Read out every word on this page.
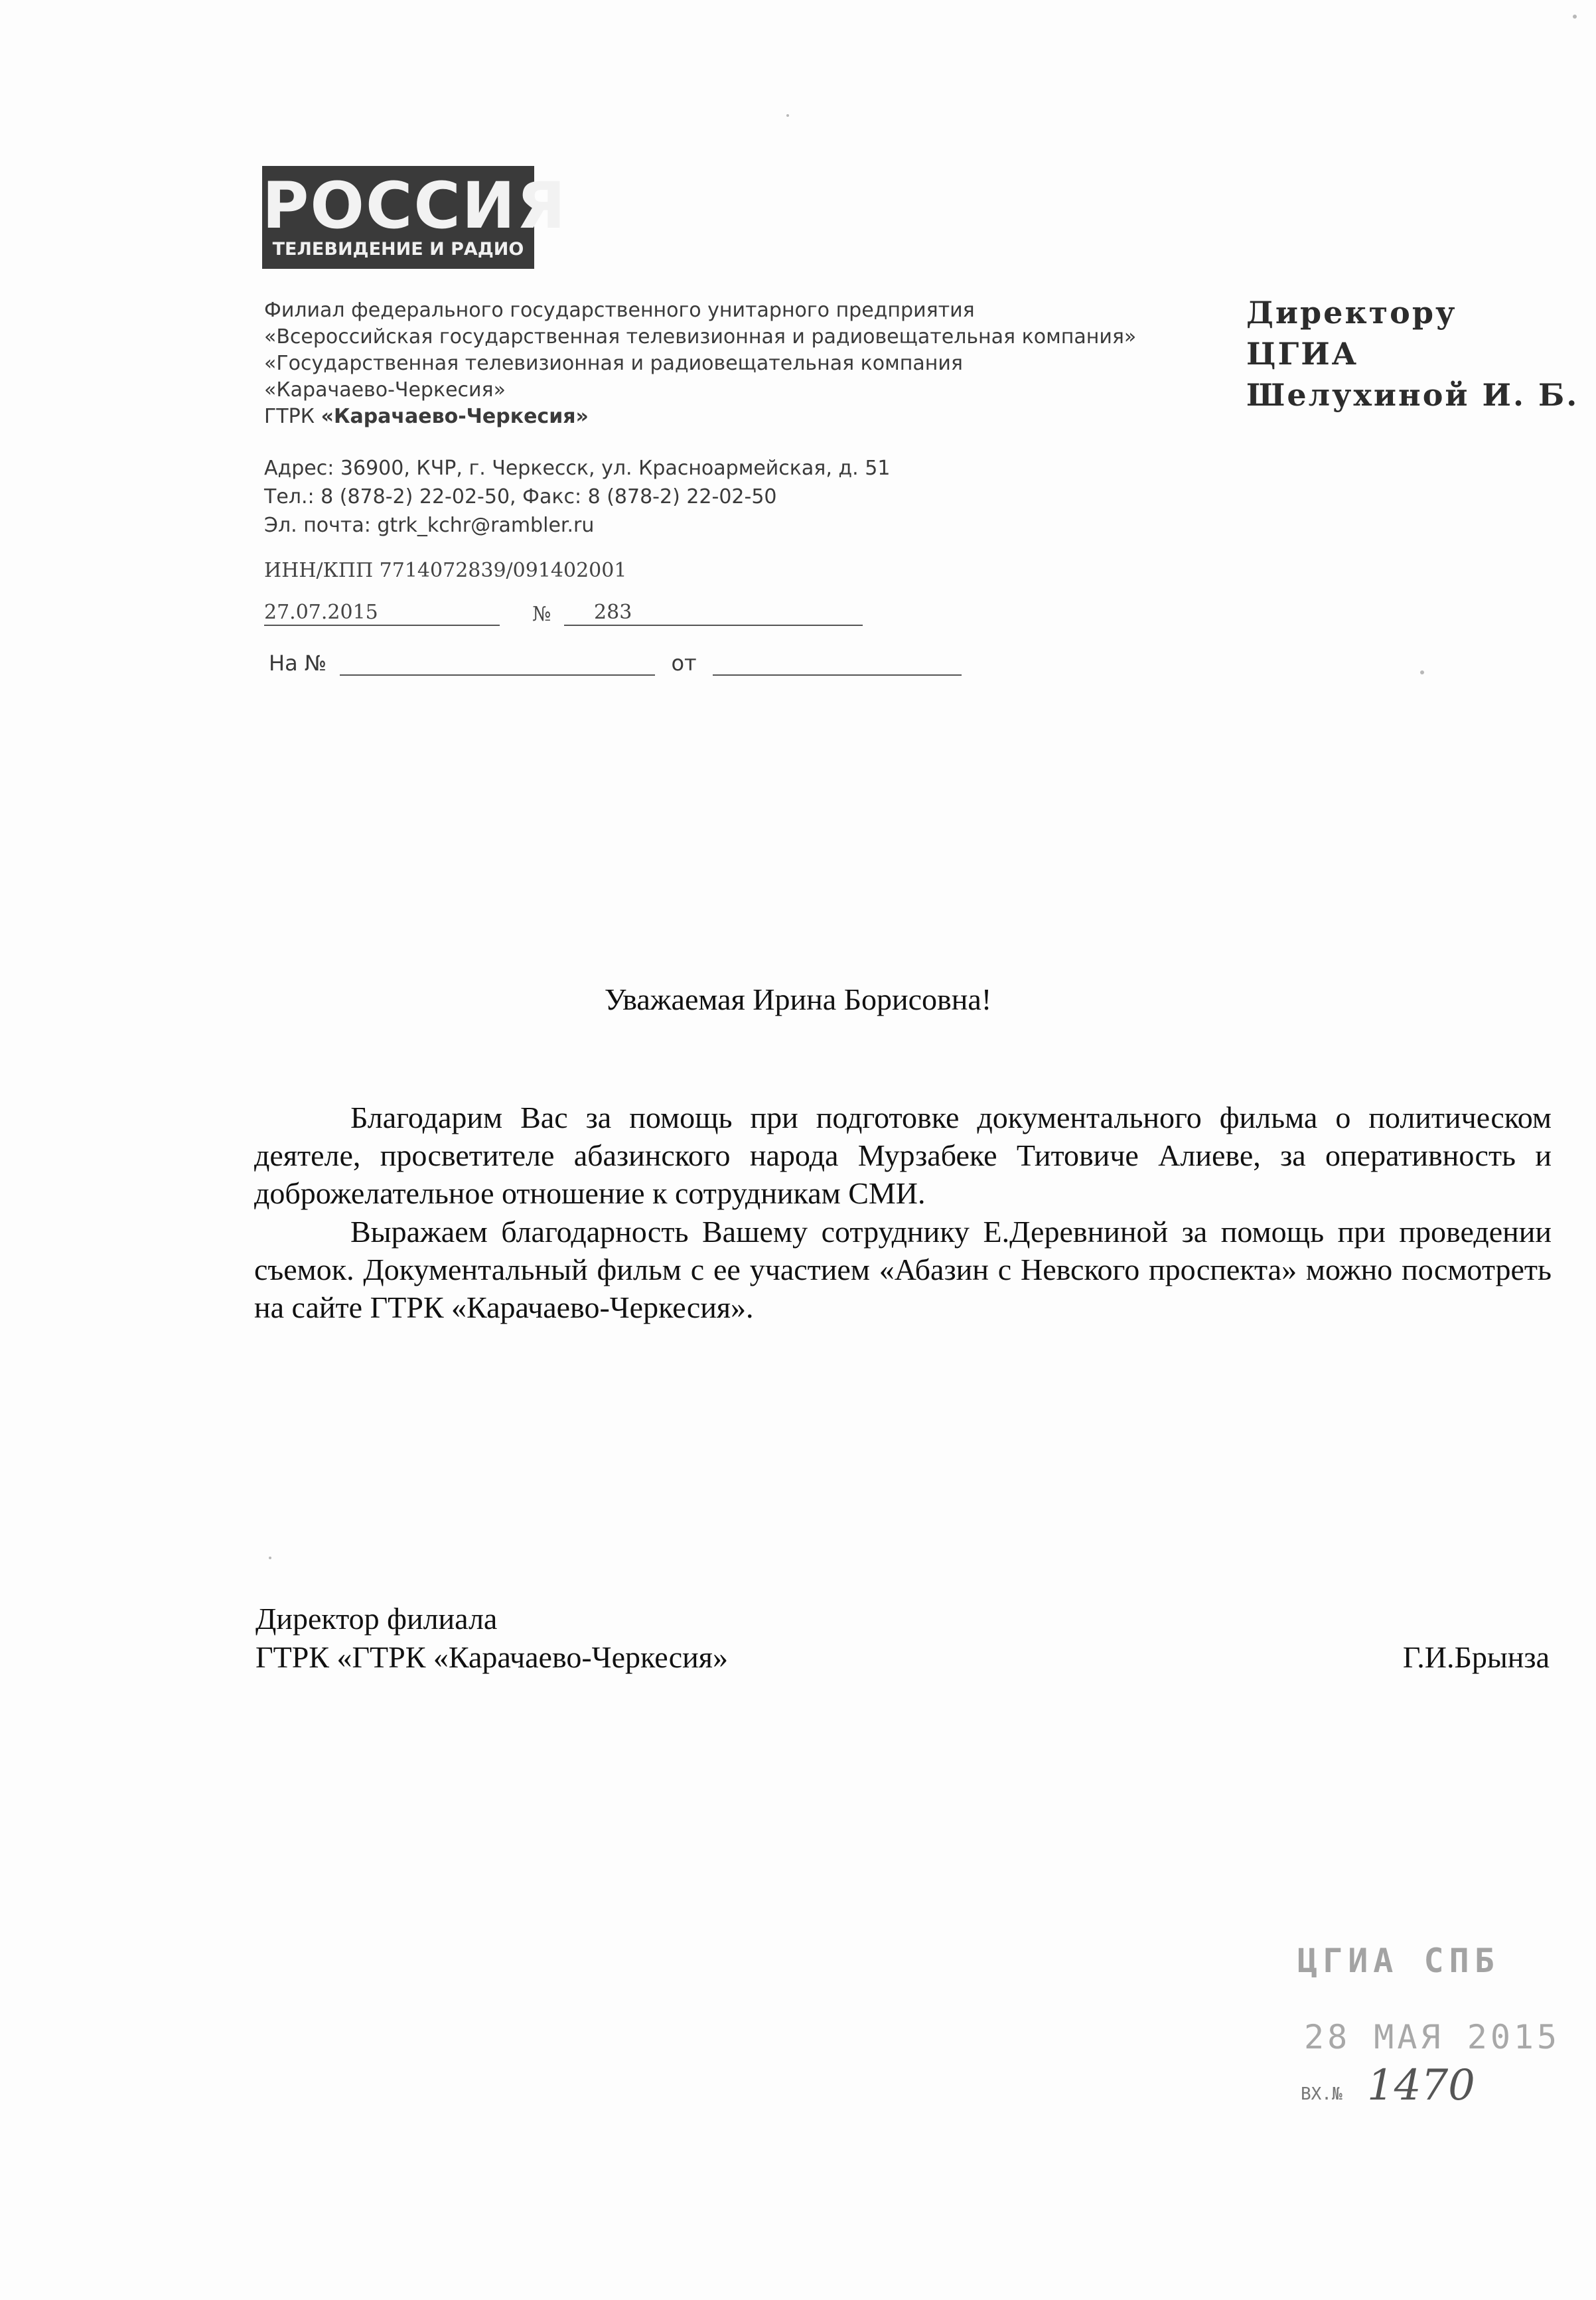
РОССИЯ
ТЕЛЕВИДЕНИЕ И РАДИО
Филиал федерального государственного унитарного предприятия
«Всероссийская государственная телевизионная и радиовещательная компания»
«Государственная телевизионная и радиовещательная компания
«Карачаево-Черкесия»
ГТРК «Карачаево-Черкесия»
Адрес: 36900, КЧР, г. Черкесск, ул. Красноармейская, д. 51
Тел.: 8 (878-2) 22-02-50, Факс: 8 (878-2) 22-02-50
Эл. почта: gtrk_kchr@rambler.ru
ИНН/КПП 7714072839/091402001
27.07.2015	№ 283
На №	от
Директору
ЦГИА
Шелухиной И. Б.
Уважаемая Ирина Борисовна!

Благодарим Вас за помощь при подготовке документального фильма о политическом деятеле, просветителе абазинского народа Мурзабеке Титовиче Алиеве, за оперативность и доброжелательное отношение к сотрудникам СМИ.

Выражаем благодарность Вашему сотруднику Е.Деревниной за помощь при проведении съемок. Документальный фильм с ее участием «Абазин с Невского проспекта» можно посмотреть на сайте ГТРК «Карачаево-Черкесия».

Директор филиала
ГТРК «ГТРК «Карачаево-Черкесия»	Г.И.Брынза
ЦГИА СПБ
28 МАЯ 2015
ВХ.№ 1470
